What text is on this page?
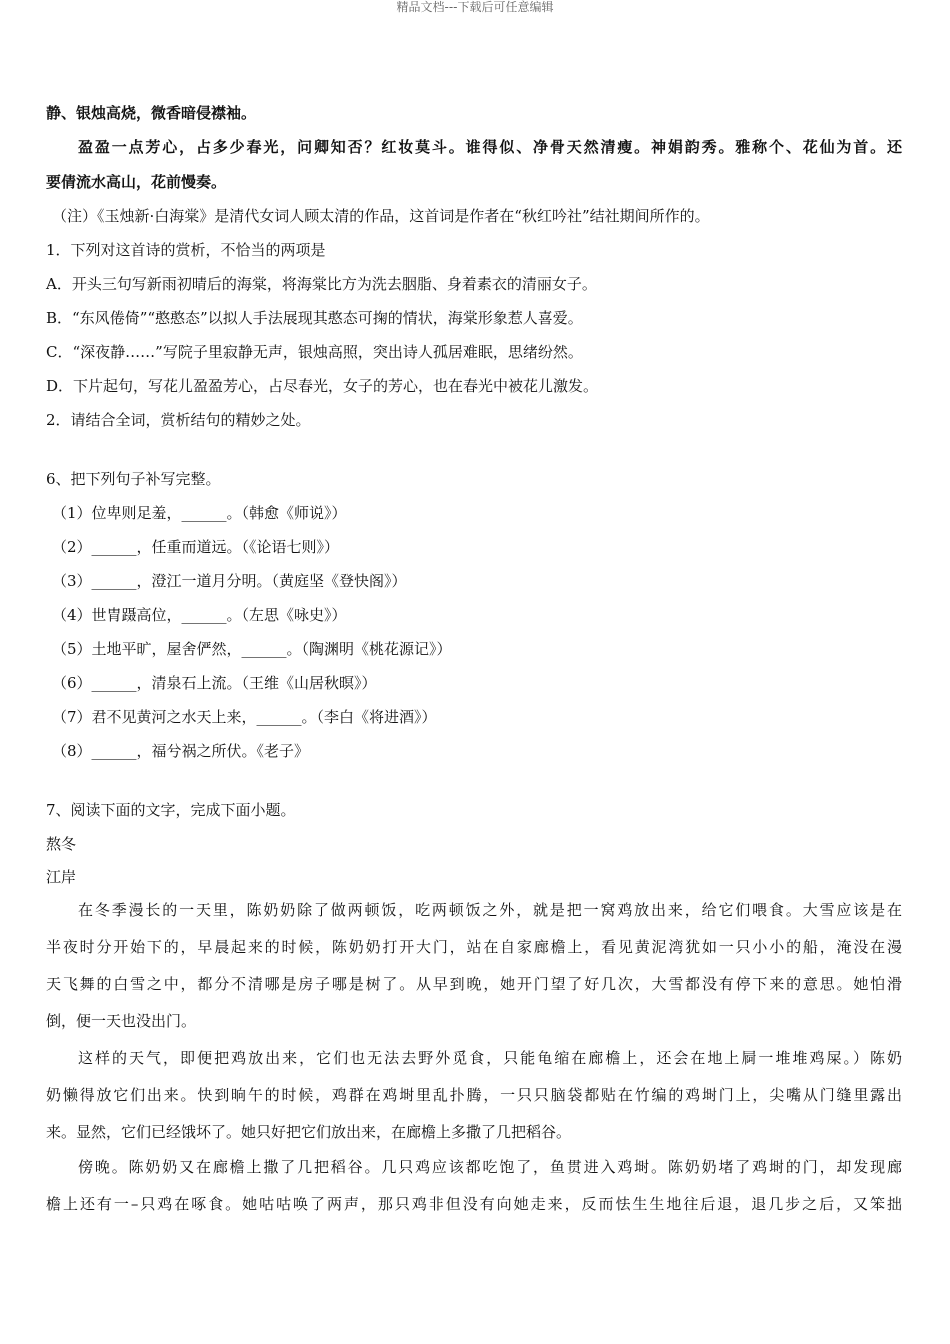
精品文档---下载后可任意编辑
静、银烛高烧，微香暗侵襟袖。
盈盈一点芳心，占多少春光，问卿知否？红妆莫斗。谁得似、净骨天然清瘦。神娟韵秀。雅称个、花仙为首。还
要倩流水高山，花前慢奏。
（注）《玉烛新·白海棠》是清代女词人顾太清的作品，这首词是作者在“秋红吟社”结社期间所作的。
1．下列对这首诗的赏析，不恰当的两项是
A．开头三句写新雨初晴后的海棠，将海棠比方为洗去胭脂、身着素衣的清丽女子。
B．“东风倦倚”“憨憨态”以拟人手法展现其憨态可掬的情状，海棠形象惹人喜爱。
C．“深夜静……”写院子里寂静无声，银烛高照，突出诗人孤居难眠，思绪纷然。
D．下片起句，写花儿盈盈芳心，占尽春光，女子的芳心，也在春光中被花儿激发。
2．请结合全词，赏析结句的精妙之处。
6、把下列句子补写完整。
（1）位卑则足羞，______。（韩愈《师说》）
（2）______，任重而道远。（《论语七则》）
（3）______，澄江一道月分明。（黄庭坚《登快阁》）
（4）世胄蹑高位，______。（左思《咏史》）
（5）土地平旷，屋舍俨然，______。（陶渊明《桃花源记》）
（6）______，清泉石上流。（王维《山居秋暝》）
（7）君不见黄河之水天上来，______。（李白《将进酒》）
（8）______，福兮祸之所伏。《老子》
7、阅读下面的文字，完成下面小题。
熬冬
江岸
在冬季漫长的一天里，陈奶奶除了做两顿饭，吃两顿饭之外，就是把一窝鸡放出来，给它们喂食。大雪应该是在
半夜时分开始下的，早晨起来的时候，陈奶奶打开大门，站在自家廊檐上，看见黄泥湾犹如一只小小的船，淹没在漫
天飞舞的白雪之中，都分不清哪是房子哪是树了。从早到晚，她开门望了好几次，大雪都没有停下来的意思。她怕滑
倒，便一天也没出门。
这样的天气，即便把鸡放出来，它们也无法去野外觅食，只能龟缩在廊檐上，还会在地上屙一堆堆鸡屎。）陈奶
奶懒得放它们出来。快到晌午的时候，鸡群在鸡埘里乱扑腾，一只只脑袋都贴在竹编的鸡埘门上，尖嘴从门缝里露出
来。显然，它们已经饿坏了。她只好把它们放出来，在廊檐上多撒了几把稻谷。
傍晚。陈奶奶又在廊檐上撒了几把稻谷。几只鸡应该都吃饱了，鱼贯进入鸡埘。陈奶奶堵了鸡埘的门，却发现廊
檐上还有一–只鸡在啄食。她咕咕唤了两声，那只鸡非但没有向她走来，反而怯生生地往后退，退几步之后，又笨拙
